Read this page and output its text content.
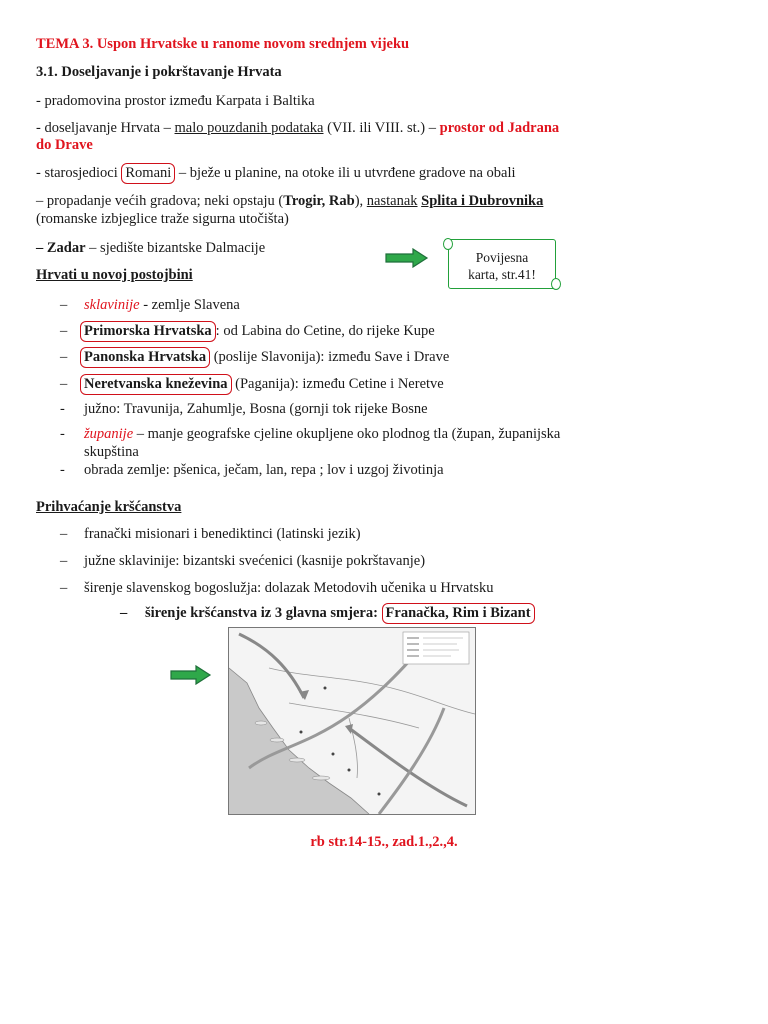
TEMA 3. Uspon Hrvatske u ranome novom srednjem vijeku
3.1. Doseljavanje i pokrštavanje Hrvata
- pradomovina prostor između Karpata i Baltika
- doseljavanje Hrvata – malo pouzdanih podataka (VII. ili VIII. st.) – prostor od Jadrana
do Drave
- starosjedioci Romani – bježe u planine, na otoke ili u utvrđene gradove na obali
– propadanje većih gradova; neki opstaju (Trogir, Rab), nastanak Splita i Dubrovnika
(romanske izbjeglice traže sigurna utočišta)
– Zadar – sjedište bizantske Dalmacije
Povijesna
karta, str.41!
Hrvati u novoj postojbini
– sklavinije - zemlje Slavena
– Primorska Hrvatska : od Labina do Cetine, do rijeke Kupe
– Panonska Hrvatska (poslije Slavonija): između Save i Drave
– Neretvanska kneževina (Paganija): između Cetine i Neretve
- južno: Travunija, Zahumlje, Bosna (gornji tok rijeke Bosne
- županije – manje geografske cjeline okupljene oko plodnog tla (župan, županijska
skupština
- obrada zemlje: pšenica, ječam, lan, repa ; lov i uzgoj životinja
Prihvaćanje kršćanstva
– franački misionari i benediktinci (latinski jezik)
– južne sklavinije: bizantski svećenici (kasnije pokrštavanje)
– širenje slavenskog bogoslužja: dolazak Metodovih učenika u Hrvatsku
– širenje kršćanstva iz 3 glavna smjera: Franačka, Rim i Bizant
rb str.14-15., zad.1.,2.,4.
